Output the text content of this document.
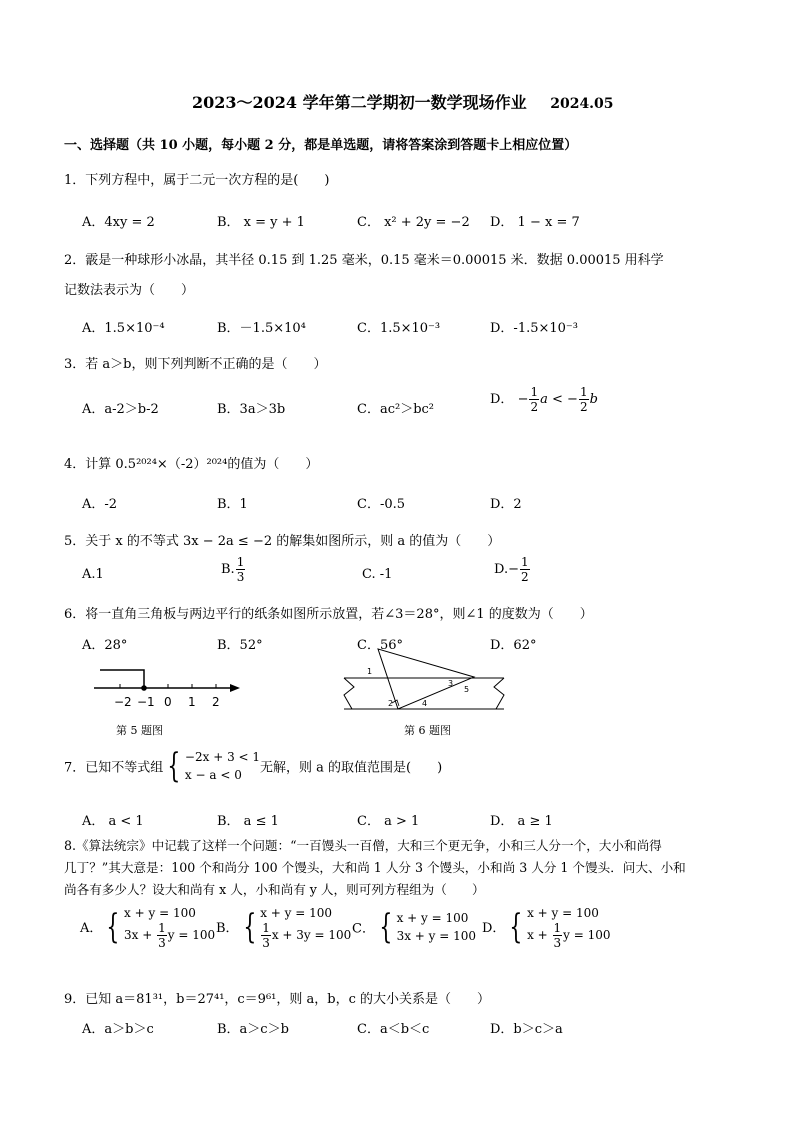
2023～2024 学年第二学期初一数学现场作业 2024.05
一、选择题（共 10 小题，每小题 2 分，都是单选题，请将答案涂到答题卡上相应位置）
1．下列方程中，属于二元一次方程的是(　　)
A．4xy = 2	B． x = y + 1	C． x² + 2y = −2 D． 1 − x = 7
2．霰是一种球形小冰晶，其半径 0.15 到 1.25 毫米，0.15 毫米＝0.00015 米．数据 0.00015 用科学
记数法表示为（　　）
A．1.5×10⁻⁴	B．－1.5×10⁴	C．1.5×10⁻³	D．-1.5×10⁻³
3．若 a＞b，则下列判断不正确的是（　　）
A．a-2＞b-2	B．3a＞3b	C．ac²＞bc²
D． − $\frac{1}{2}$ a < − $\frac{1}{2}$ b
4．计算 0.5²⁰²⁴×（-2）²⁰²⁴的值为（　　）
A．-2	B．1	C．-0.5	D．2
5．关于 x 的不等式 3x − 2a ≤ −2 的解集如图所示，则 a 的值为（　　）
A.1	B. $\frac{1}{3}$	C. -1	$D.- \frac{1}{2}$
6．将一直角三角板与两边平行的纸条如图所示放置，若∠3＝28°，则∠1 的度数为（　　）
A．28°	B．52°	C．56°	D．62°
−2 −1 0 1 2
第 5 题图
1
2
3
4
5
第 6 题图
7．已知不等式组 { −2x + 3 < 1
x − a < 0	无解，则 a 的取值范围是(　　)
A． a < 1	B． a ≤ 1	C． a > 1	D． a ≥ 1
8.《算法统宗》中记载了这样一个问题：“一百馒头一百僧，大和三个更无争，小和三人分一个，大小和尚得
几丁？”其大意是：100 个和尚分 100 个馒头，大和尚 1 人分 3 个馒头，小和尚 3 人分 1 个馒头．问大、小和
尚各有多少人？设大和尚有 x 人，小和尚有 y 人，则可列方程组为（　　）
A． { x + y = 100
$3x + \frac{1}{3}$ y = 100 B． { x + y = 100
$\frac{1}{3}$ x + 3y = 100 C． { x + y = 100
3x + y = 100 D． { x + y = 100
$x + \frac{1}{3}$ y = 100
9．已知 a＝81³¹，b＝27⁴¹，c＝9⁶¹，则 a，b，c 的大小关系是（　　）
A．a＞b＞c	B．a＞c＞b	C．a＜b＜c	D．b＞c＞a
